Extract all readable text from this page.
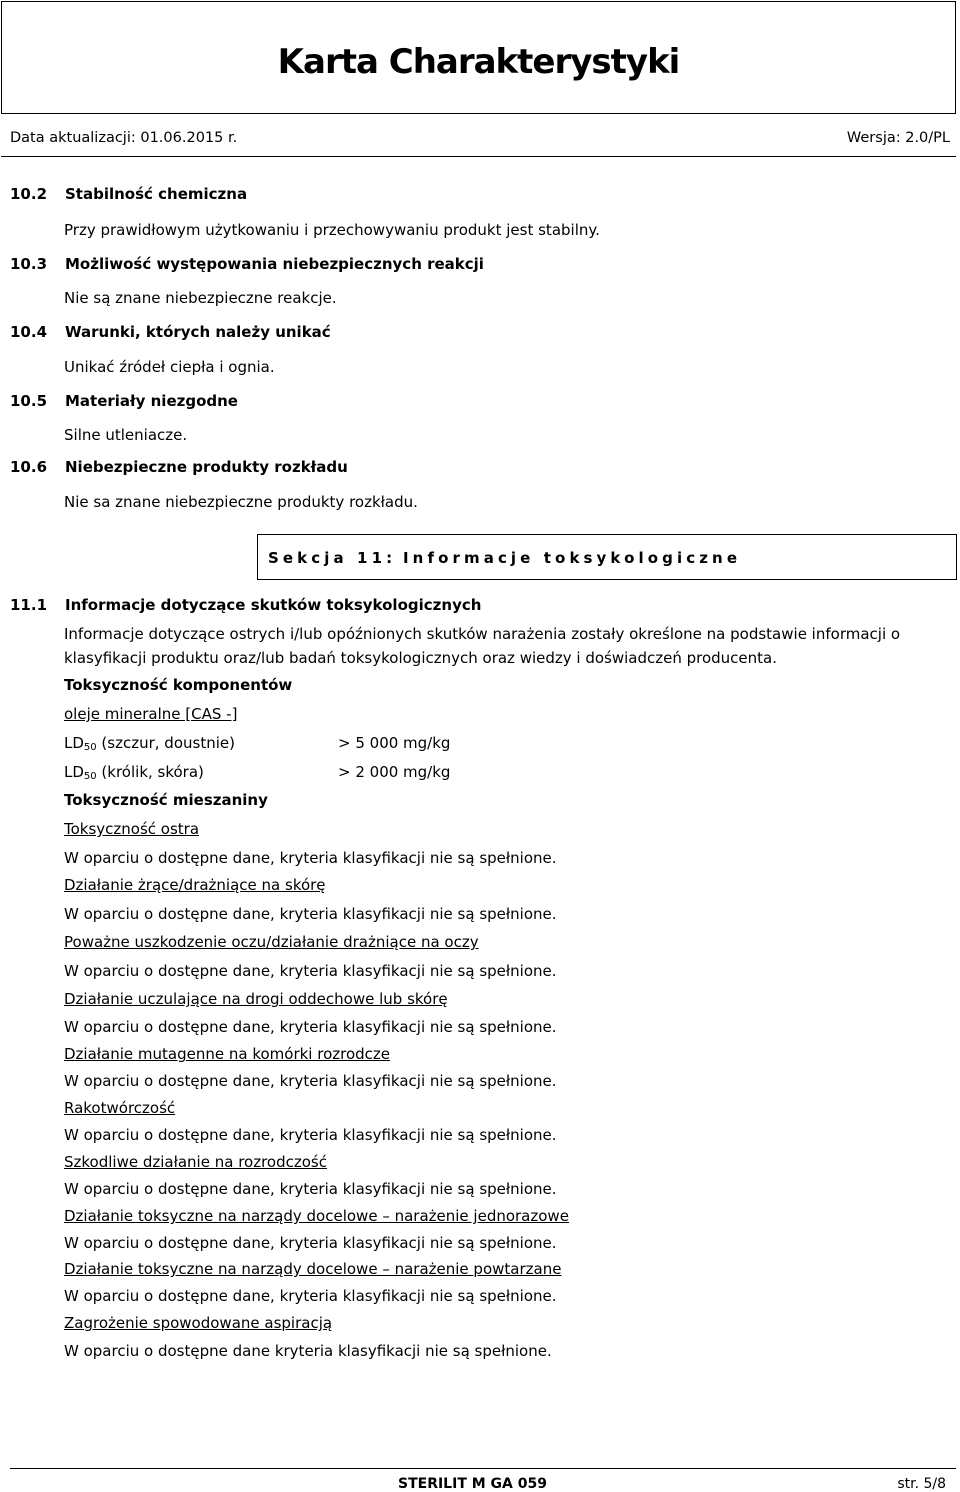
Karta Charakterystyki
Data aktualizacji: 01.06.2015 r.	Wersja: 2.0/PL
10.2 Stabilność chemiczna
Przy prawidłowym użytkowaniu i przechowywaniu produkt jest stabilny.
10.3 Możliwość występowania niebezpiecznych reakcji
Nie są znane niebezpieczne reakcje.
10.4 Warunki, których należy unikać
Unikać źródeł ciepła i ognia.
10.5 Materiały niezgodne
Silne utleniacze.
10.6 Niebezpieczne produkty rozkładu
Nie sa znane niebezpieczne produkty rozkładu.
Sekcja 11: Informacje toksykologiczne
11.1 Informacje dotyczące skutków toksykologicznych
Informacje dotyczące ostrych i/lub opóźnionych skutków narażenia zostały określone na podstawie informacji o klasyfikacji produktu oraz/lub badań toksykologicznych oraz wiedzy i doświadczeń producenta.
Toksyczność komponentów
oleje mineralne [CAS -]
$LD_{50}$ (szczur, doustnie)	> 5 000 mg/kg
$LD_{50}$ (królik, skóra)	> 2 000 mg/kg
Toksyczność mieszaniny
Toksyczność ostra
W oparciu o dostępne dane, kryteria klasyfikacji nie są spełnione.
Działanie żrące/drażniące na skórę
W oparciu o dostępne dane, kryteria klasyfikacji nie są spełnione.
Poważne uszkodzenie oczu/działanie drażniące na oczy
W oparciu o dostępne dane, kryteria klasyfikacji nie są spełnione.
Działanie uczulające na drogi oddechowe lub skórę
W oparciu o dostępne dane, kryteria klasyfikacji nie są spełnione.
Działanie mutagenne na komórki rozrodcze
W oparciu o dostępne dane, kryteria klasyfikacji nie są spełnione.
Rakotwórczość
W oparciu o dostępne dane, kryteria klasyfikacji nie są spełnione.
Szkodliwe działanie na rozrodczość
W oparciu o dostępne dane, kryteria klasyfikacji nie są spełnione.
Działanie toksyczne na narządy docelowe – narażenie jednorazowe
W oparciu o dostępne dane, kryteria klasyfikacji nie są spełnione.
Działanie toksyczne na narządy docelowe – narażenie powtarzane
W oparciu o dostępne dane, kryteria klasyfikacji nie są spełnione.
Zagrożenie spowodowane aspiracją
W oparciu o dostępne dane kryteria klasyfikacji nie są spełnione.
STERILIT M GA 059	str. 5/8
